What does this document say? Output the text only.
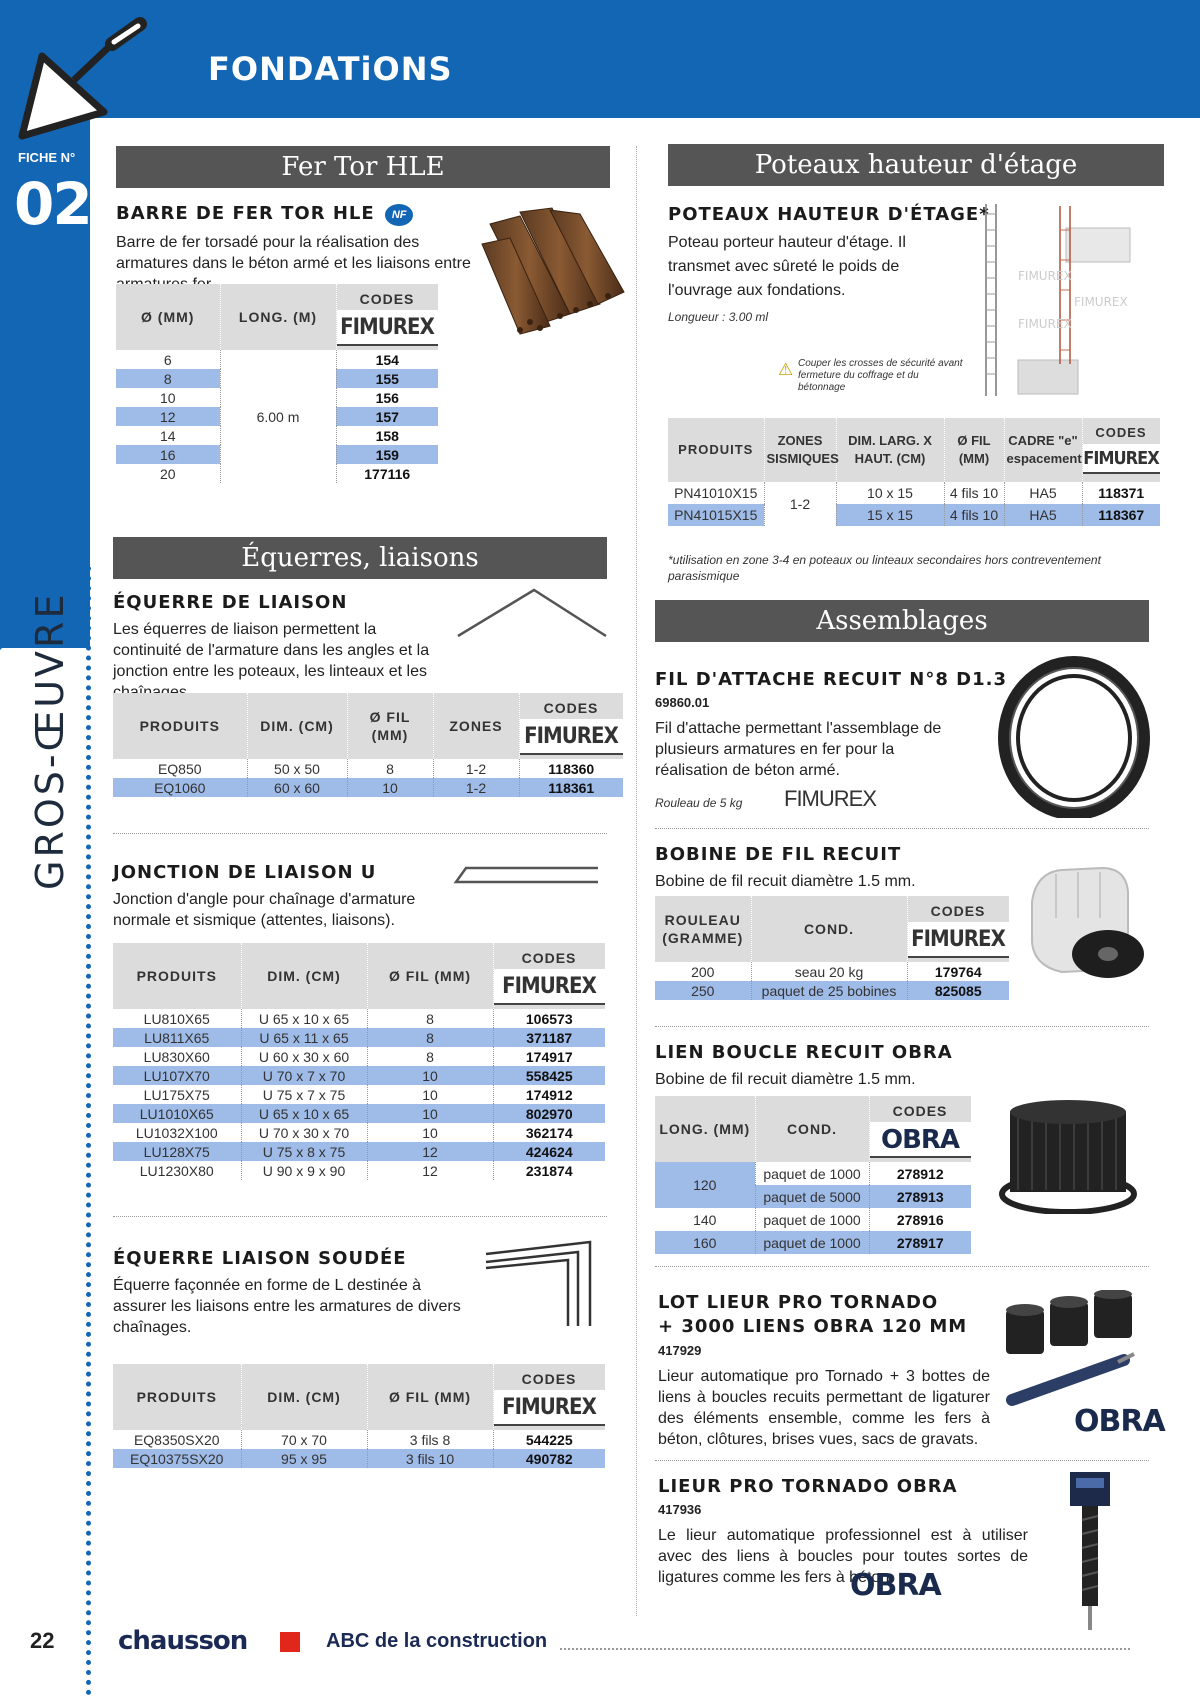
FONDATiONS
FICHE N°
02
GROS-ŒUVRE
Fer Tor HLE
BARRE DE FER TOR HLE NF
Barre de fer torsadé pour la réalisation des armatures dans le béton armé et les liaisons entre
Ø (MM)	LONG. (M)	CODES
FIMUREX

6	6.00 m	154
8		155
10		156
12		157
14		158
16		159
20		177116
Équerres, liaisons
ÉQUERRE DE LIAISON
Les équerres de liaison permettent la continuité de l'armature dans les angles et la jonction entre les poteaux, les linteaux et les
PRODUITS	DIM. (CM)	Ø FIL (MM)	ZONES	CODES
FIMUREX

EQ850	50 x 50	8	1-2	118360
EQ1060	60 x 60	10	1-2	118361
JONCTION DE LIAISON U
Jonction d'angle pour chaînage d'armature normale et sismique (attentes, liaisons).
PRODUITS	DIM. (CM)	Ø FIL (MM)	CODES
FIMUREX

LU810X65	U 65 x 10 x 65	8	106573
LU811X65	U 65 x 11 x 65	8	371187
LU830X60	U 60 x 30 x 60	8	174917
LU107X70	U 70 x 7 x 70	10	558425
LU175X75	U 75 x 7 x 75	10	174912
LU1010X65	U 65 x 10 x 65	10	802970
LU1032X100	U 70 x 30 x 70	10	362174
LU128X75	U 75 x 8 x 75	12	424624
LU1230X80	U 90 x 9 x 90	12	231874
ÉQUERRE LIAISON SOUDÉE
Équerre façonnée en forme de L destinée à assurer les liaisons entre les armatures de divers chaînages.
PRODUITS	DIM. (CM)	Ø FIL (MM)	CODES
FIMUREX

EQ8350SX20	70 x 70	3 fils 8	544225
EQ10375SX20	95 x 95	3 fils 10	490782
Poteaux hauteur d'étage
POTEAUX HAUTEUR D'ÉTAGE*
Poteau porteur hauteur d'étage. Il transmet avec sûreté le poids de l'ouvrage aux fondations.
Longueur : 3.00 ml
⚠ Couper les crosses de sécurité avant fermeture du coffrage et du bétonnage
FIMUREX
FIMUREX
FIMUREX
PRODUITS	ZONES SISMIQUES	DIM. LARG. X HAUT. (CM)	Ø FIL (MM)	CADRE "e" espacement	CODES
FIMUREX

PN41010X15	1-2	10 x 15	4 fils 10	HA5	118371
PN41015X15		15 x 15	4 fils 10	HA5	118367
*utilisation en zone 3-4 en poteaux ou linteaux secondaires hors contreventement parasismique
Assemblages
FIL D'ATTACHE RECUIT N°8 D1.3
69860.01
Fil d'attache permettant l'assemblage de plusieurs armatures en fer pour la réalisation de béton armé.
Rouleau de 5 kg FIMUREX
BOBINE DE FIL RECUIT
Bobine de fil recuit diamètre 1.5 mm.
ROULEAU (GRAMME)	COND.	CODES
FIMUREX

200	seau 20 kg	179764
250	paquet de 25 bobines	825085
LIEN BOUCLE RECUIT OBRA
Bobine de fil recuit diamètre 1.5 mm.
LONG. (MM)	COND.	CODES
OBRA

120	paquet de 1000	278912
	paquet de 5000	278913
140	paquet de 1000	278916
160	paquet de 1000	278917
LOT LIEUR PRO TORNADO
+ 3000 LIENS OBRA 120 MM
417929
Lieur automatique pro Tornado + 3 bottes de liens à boucles recuits permettant de ligaturer des éléments ensemble, comme les fers à béton, clôtures, brises vues, sacs de gravats.
OBRA
LIEUR PRO TORNADO OBRA
417936
Le lieur automatique professionnel est à utiliser avec des liens à boucles pour toutes sortes de ligatures comme les fers à béton.
OBRA
22 chausson	ABC de la construction
